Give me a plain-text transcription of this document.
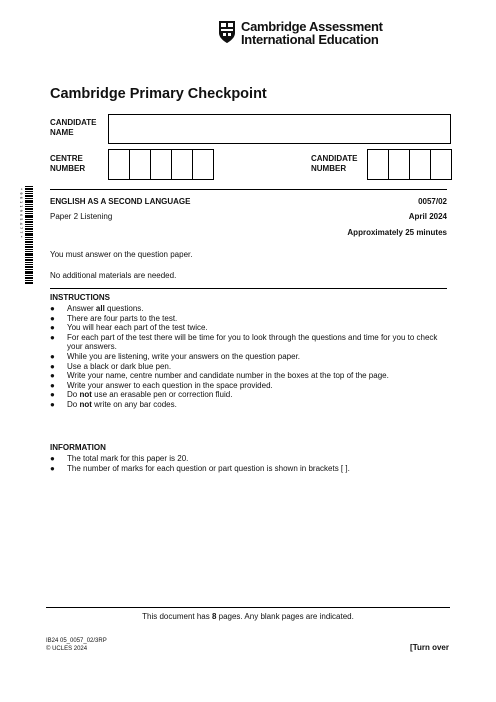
Cambridge Assessment
International Education
Cambridge Primary Checkpoint
CANDIDATE
NAME
CENTRE
NUMBER
CANDIDATE
NUMBER
* 9 6 1 1 9 6 5 4 7 7 *	ENGLISH AS A SECOND LANGUAGE	0057/02
Paper 2 Listening	April 2024
Approximately 25 minutes
You must answer on the question paper.
No additional materials are needed.
INSTRUCTIONS
● Answer all questions.
● There are four parts to the test.
● You will hear each part of the test twice.
● For each part of the test there will be time for you to look through the questions and time for you to check your answers.
● While you are listening, write your answers on the question paper.
● Use a black or dark blue pen.
● Write your name, centre number and candidate number in the boxes at the top of the page.
● Write your answer to each question in the space provided.
● Do not use an erasable pen or correction fluid.
● Do not write on any bar codes.
INFORMATION
● The total mark for this paper is 20.
● The number of marks for each question or part question is shown in brackets [ ].
This document has 8 pages. Any blank pages are indicated.
IB24 05_0057_02/3RP
© UCLES 2024	[Turn over
